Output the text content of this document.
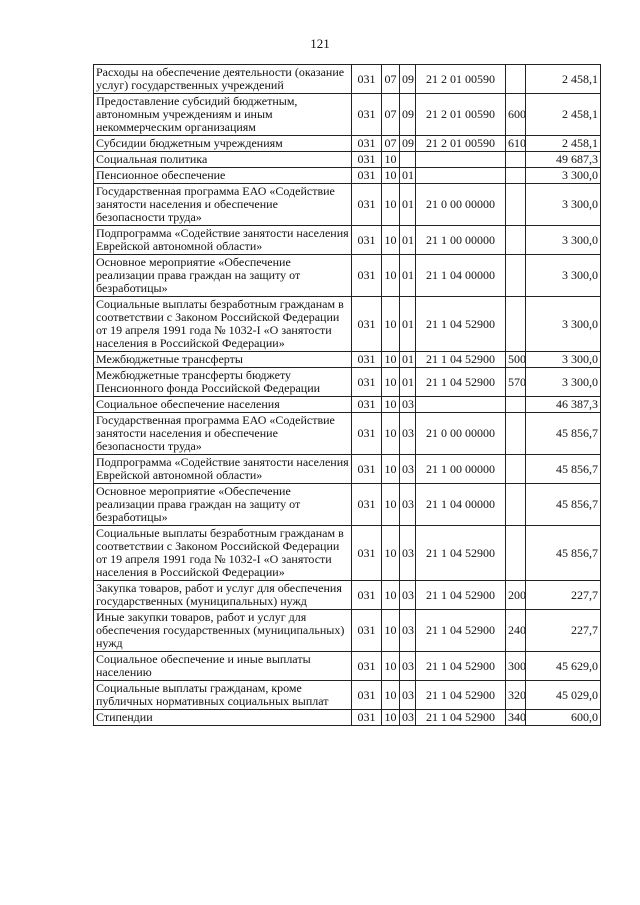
121
Расходы на обеспечение деятельности (оказание услуг) государственных учреждений	031	07	09	21 2 01 00590		2 458,1
Предоставление субсидий бюджетным, автономным учреждениям и иным некоммерческим организациям	031	07	09	21 2 01 00590	600	2 458,1
Субсидии бюджетным учреждениям	031	07	09	21 2 01 00590	610	2 458,1
Социальная политика	031	10				49 687,3
Пенсионное обеспечение	031	10	01			3 300,0
Государственная программа ЕАО «Содействие занятости населения и обеспечение безопасности труда»	031	10	01	21 0 00 00000		3 300,0
Подпрограмма «Содействие занятости населения Еврейской автономной области»	031	10	01	21 1 00 00000		3 300,0
Основное мероприятие «Обеспечение реализации права граждан на защиту от безработицы»	031	10	01	21 1 04 00000		3 300,0
Социальные выплаты безработным гражданам в соответствии с Законом Российской Федерации от 19 апреля 1991 года № 1032-I «О занятости населения в Российской Федерации»	031	10	01	21 1 04 52900		3 300,0
Межбюджетные трансферты	031	10	01	21 1 04 52900	500	3 300,0
Межбюджетные трансферты бюджету Пенсионного фонда Российской Федерации	031	10	01	21 1 04 52900	570	3 300,0
Социальное обеспечение населения	031	10	03			46 387,3
Государственная программа ЕАО «Содействие занятости населения и обеспечение безопасности труда»	031	10	03	21 0 00 00000		45 856,7
Подпрограмма «Содействие занятости населения Еврейской автономной области»	031	10	03	21 1 00 00000		45 856,7
Основное мероприятие «Обеспечение реализации права граждан на защиту от безработицы»	031	10	03	21 1 04 00000		45 856,7
Социальные выплаты безработным гражданам в соответствии с Законом Российской Федерации от 19 апреля 1991 года № 1032-I «О занятости населения в Российской Федерации»	031	10	03	21 1 04 52900		45 856,7
Закупка товаров, работ и услуг для обеспечения государственных (муниципальных) нужд	031	10	03	21 1 04 52900	200	227,7
Иные закупки товаров, работ и услуг для обеспечения государственных (муниципальных) нужд	031	10	03	21 1 04 52900	240	227,7
Социальное обеспечение и иные выплаты населению	031	10	03	21 1 04 52900	300	45 629,0
Социальные выплаты гражданам, кроме публичных нормативных социальных выплат	031	10	03	21 1 04 52900	320	45 029,0
Стипендии	031	10	03	21 1 04 52900	340	600,0
